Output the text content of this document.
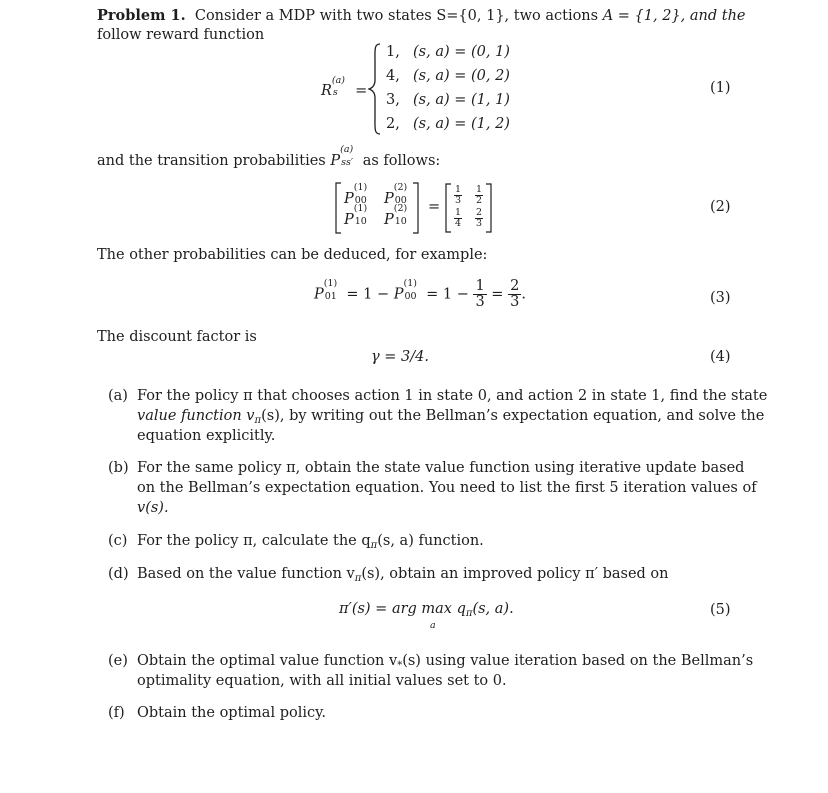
Problem 1. Consider a MDP with two states S={0, 1}, two actions A = {1, 2}, and the
follow reward function
R
(a)
s =
1, (s, a) = (0, 1)
4, (s, a) = (0, 2)
3, (s, a) = (1, 1)
2, (s, a) = (1, 2)
(1)
and the transition probabilities P
(a)
ss′ as follows:
P
(1)
00 P
(2)
00
P
(1)
10 P
(2)
10
=
1
3
1
2
1
4
2
3
(2)
The other probabilities can be deduced, for example:
P
(1)
01 = 1 − P
(1)
$00 = 1 - \frac{1}{3} = \frac{2}{3}$ .	(3)
The discount factor is
γ = 3/4.	(4)
(a) For the policy π that chooses action 1 in state 0, and action 2 in state 1, find the state
value function $v_\pi(s)$, by writing out the Bellman’s expectation equation, and solve the
equation explicitly.
(b) For the same policy π, obtain the state value function using iterative update based
on the Bellman’s expectation equation. You need to list the first 5 iteration values of
v(s).
(c) For the policy π, calculate the $q_\pi(s$, a) function.
(d) Based on the value function $v_\pi(s)$, obtain an improved policy π′ based on
π′(s) = arg $\max q_\pi(s$, a).
a
(5)
(e) Obtain the optimal value function $v_*(s)$ using value iteration based on the Bellman’s
optimality equation, with all initial values set to 0.
(f) Obtain the optimal policy.
